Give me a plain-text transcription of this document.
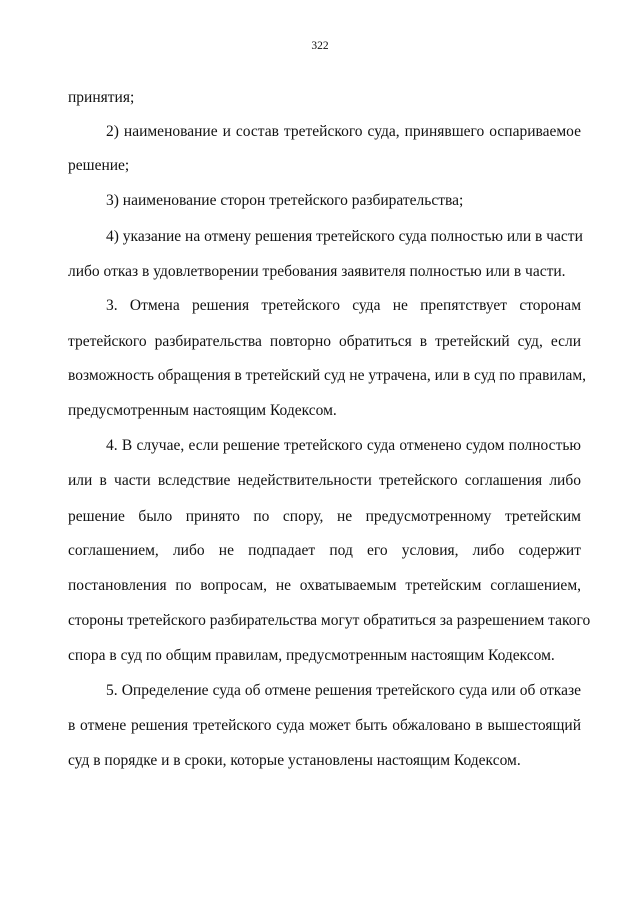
322
принятия;
2) наименование и состав третейского суда, принявшего оспариваемое
решение;
3) наименование сторон третейского разбирательства;
4) указание на отмену решения третейского суда полностью или в части
либо отказ в удовлетворении требования заявителя полностью или в части.
3. Отмена решения третейского суда не препятствует сторонам
третейского разбирательства повторно обратиться в третейский суд, если
возможность обращения в третейский суд не утрачена, или в суд по правилам,
предусмотренным настоящим Кодексом.
4. В случае, если решение третейского суда отменено судом полностью
или в части вследствие недействительности третейского соглашения либо
решение было принято по спору, не предусмотренному третейским
соглашением, либо не подпадает под его условия, либо содержит
постановления по вопросам, не охватываемым третейским соглашением,
стороны третейского разбирательства могут обратиться за разрешением такого
спора в суд по общим правилам, предусмотренным настоящим Кодексом.
5. Определение суда об отмене решения третейского суда или об отказе
в отмене решения третейского суда может быть обжаловано в вышестоящий
суд в порядке и в сроки, которые установлены настоящим Кодексом.
